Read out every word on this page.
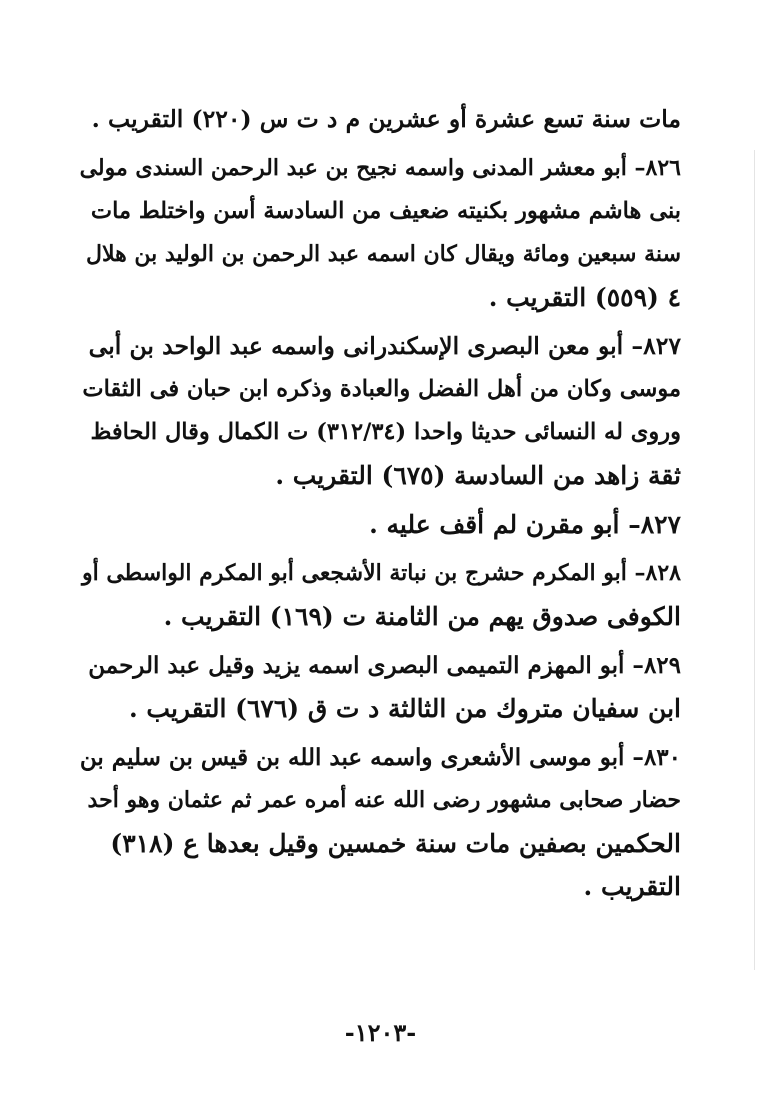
مات سنة تسع عشرة أو عشرين م د ت س (٢٢٠) التقريب .
٨٢٦– أبو معشر المدنى واسمه نجيح بن عبد الرحمن السندى مولى
بنى هاشم مشهور بكنيته ضعيف من السادسة أسن واختلط مات
سنة سبعين ومائة ويقال كان اسمه عبد الرحمن بن الوليد بن هلال
٤ (٥٥٩) التقريب .
٨٢٧– أبو معن البصرى الإسكندرانى واسمه عبد الواحد بن أبى
موسى وكان من أهل الفضل والعبادة وذكره ابن حبان فى الثقات
وروى له النسائى حديثا واحدا (٣١٢/٣٤) ت الكمال وقال الحافظ
ثقة زاهد من السادسة (٦٧٥) التقريب .
٨٢٧َ– أبو مقرن لم أقف عليه .
٨٢٨– أبو المكرم حشرج بن نباتة الأشجعى أبو المكرم الواسطى أو
الكوفى صدوق يهم من الثامنة ت (١٦٩) التقريب .
٨٢٩– أبو المهزم التميمى البصرى اسمه يزيد وقيل عبد الرحمن
ابن سفيان متروك من الثالثة د ت ق (٦٧٦) التقريب .
٨٣٠– أبو موسى الأشعرى واسمه عبد الله بن قيس بن سليم بن
حضار صحابى مشهور رضى الله عنه أمره عمر ثم عثمان وهو أحد
الحكمين بصفين مات سنة خمسين وقيل بعدها ع (٣١٨)
التقريب .
-١٢٠٣-
